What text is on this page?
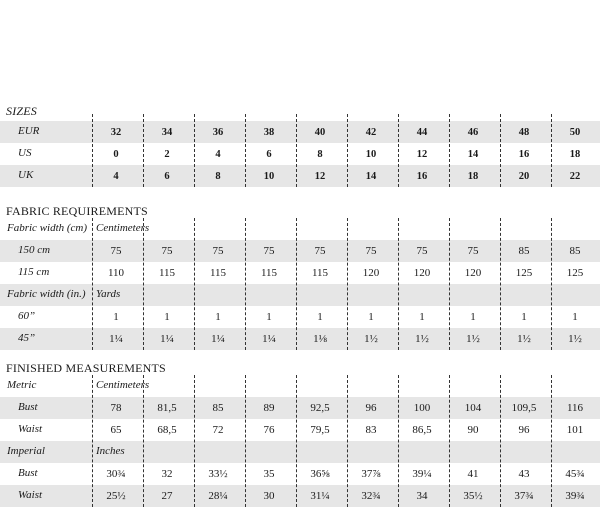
SIZES
EUR	32	34	36	38	40	42	44	46	48	50
US	0	2	4	6	8	10	12	14	16	18
UK	4	6	8	10	12	14	16	18	20	22
FABRIC REQUIREMENTS
Fabric width (cm) Centimeters
150 cm	75	75	75	75	75	75	75	75	85	85
115 cm	110	115	115	115	115	120	120	120	125	125
Fabric width (in.) Yards
60”	1	1	1	1	1	1	1	1	1	1
45”	1¼	1¼	1¼	1¼	1⅛	1½	1½	1½	1½	1½
FINISHED MEASUREMENTS
Metric	Centimeters
Bust	78	81,5	85	89	92,5	96	100	104	109,5	116
Waist	65	68,5	72	76	79,5	83	86,5	90	96	101
Imperial	Inches
Bust	30¾	32	33½	35	36⅝	37⅞	39¼	41	43	45¾
Waist	25½	27	28¼	30	31¼	32¾	34	35½	37¾	39¾
